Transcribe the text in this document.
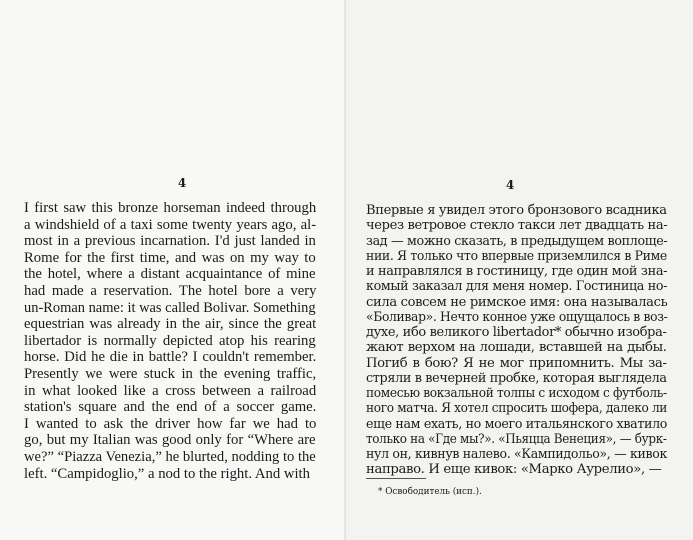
4

I first saw this bronze horseman indeed through

a windshield of a taxi some twenty years ago, al-

most in a previous incarnation. I'd just landed in

Rome for the first time, and was on my way to

the hotel, where a distant acquaintance of mine

had made a reservation. The hotel bore a very

un-Roman name: it was called Bolivar. Something

equestrian was already in the air, since the great

libertador is normally depicted atop his rearing

horse. Did he die in battle? I couldn't remember.

Presently we were stuck in the evening traffic,

in what looked like a cross between a railroad

station's square and the end of a soccer game.

I wanted to ask the driver how far we had to

go, but my Italian was good only for “Where are

we?” “Piazza Venezia,” he blurted, nodding to the

left. “Campidoglio,” a nod to the right. And with

4

Впервые я увидел этого бронзового всадника

через ветровое стекло такси лет двадцать на-

зад — можно сказать, в предыдущем воплоще-

нии. Я только что впервые приземлился в Риме

и направлялся в гостиницу, где один мой зна-

комый заказал для меня номер. Гостиница но-

сила совсем не римское имя: она называлась

«Боливар». Нечто конное уже ощущалось в воз-

духе, ибо великого libertador* обычно изобра-

жают верхом на лошади, вставшей на дыбы.

Погиб в бою? Я не мог припомнить. Мы за-

стряли в вечерней пробке, которая выглядела

помесью вокзальной толпы с исходом с футболь-

ного матча. Я хотел спросить шофера, далеко ли

еще нам ехать, но моего итальянского хватило

только на «Где мы?». «Пьяцца Венеция», — бурк-

нул он, кивнув налево. «Кампидольо», — кивок

направо. И еще кивок: «Марко Аурелио», —

* Освободитель (исп.).
